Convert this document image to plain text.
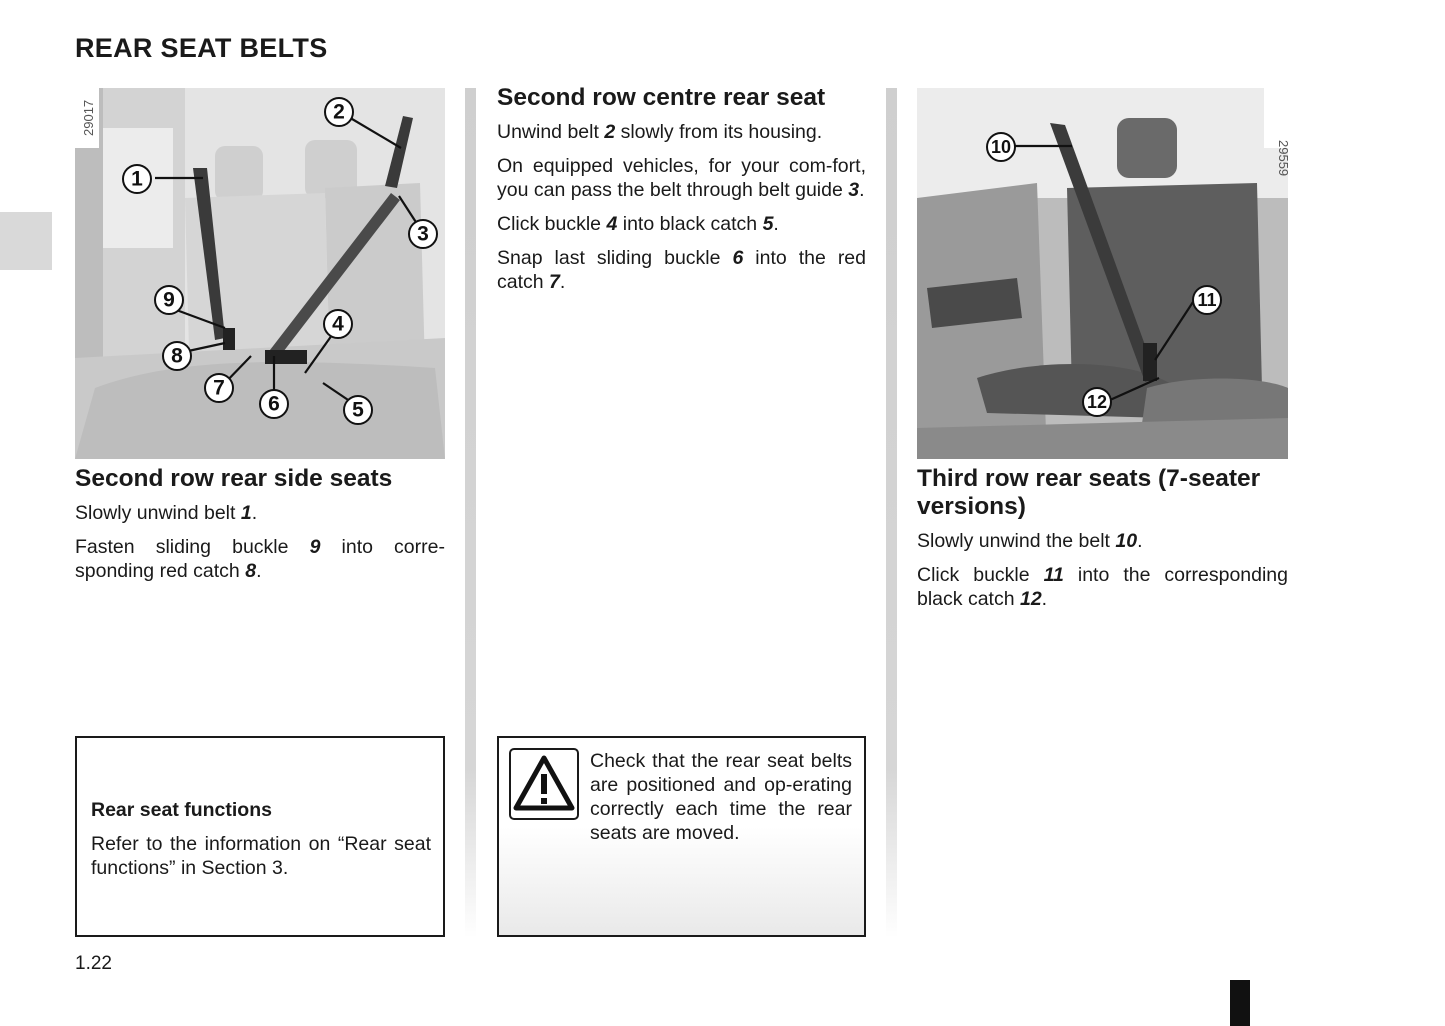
REAR SEAT BELTS
1
2
3
4
5
6
7
8
9
29017
10
11
12
29559
Second row rear side seats

Slowly unwind belt 1.

Fasten sliding buckle 9 into corre-sponding red catch 8.

Second row centre rear seat

Unwind belt 2 slowly from its housing.

On equipped vehicles, for your com-fort, you can pass the belt through belt guide 3.

Click buckle 4 into black catch 5.

Snap last sliding buckle 6 into the red catch 7.

Third row rear seats (7-seater versions)

Slowly unwind the belt 10.

Click buckle 11 into the corresponding black catch 12.

Rear seat functions
Refer to the information on “Rear seat functions” in Section 3.
Check that the rear seat belts are positioned and op-erating correctly each time the rear seats are moved.
1.22
